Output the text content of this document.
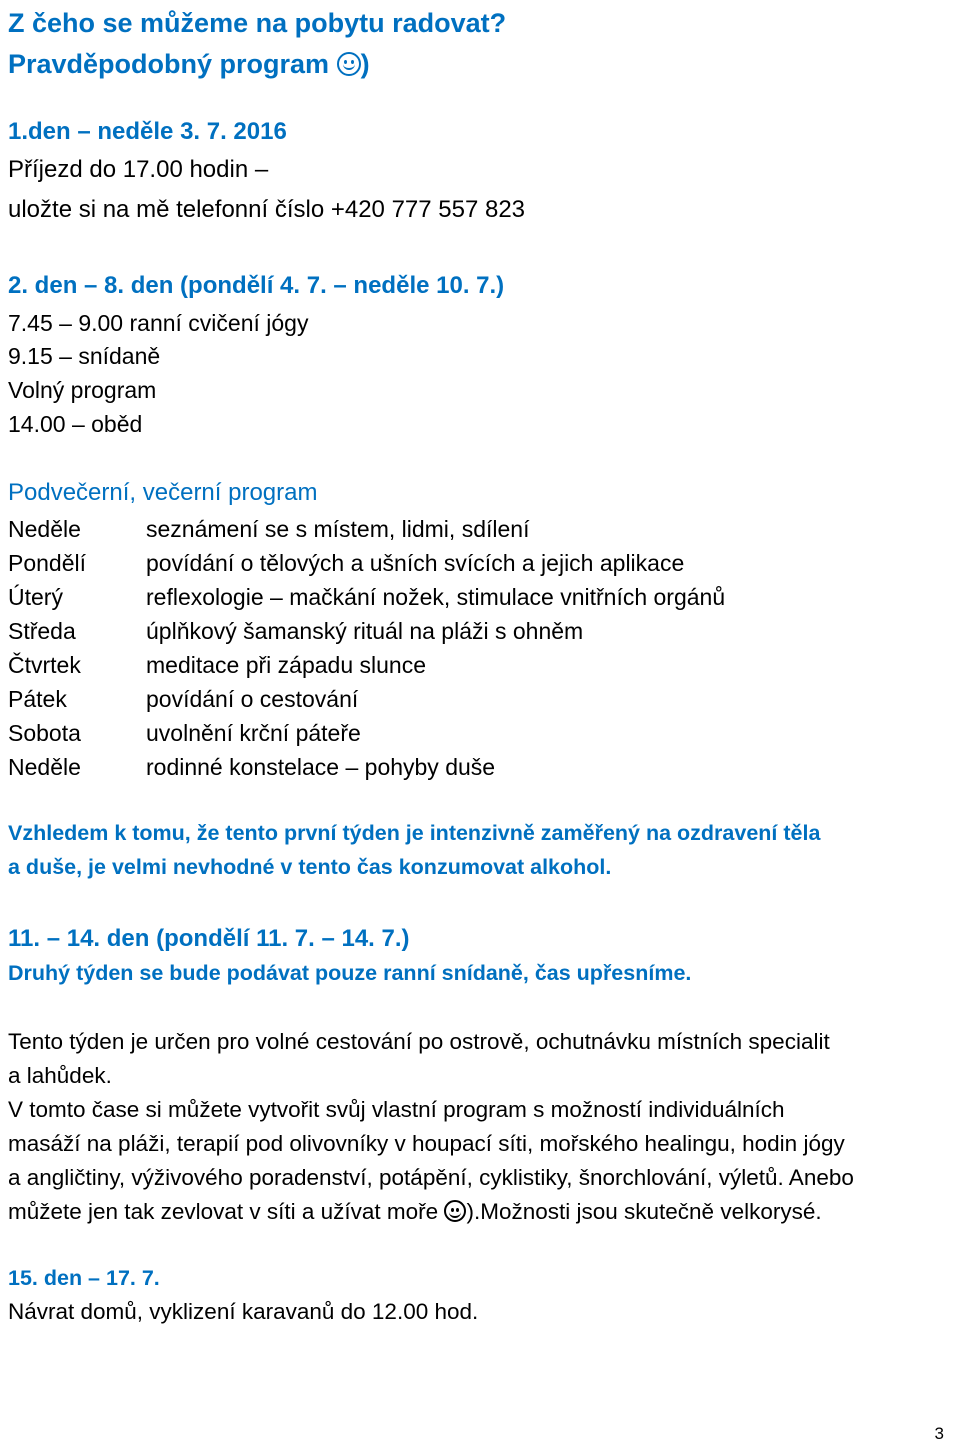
Z čeho se můžeme na pobytu radovat?
Pravděpodobný program )
1.den – neděle 3. 7. 2016
Příjezd do 17.00 hodin –
uložte si na mě telefonní číslo +420 777 557 823
2. den – 8. den (pondělí 4. 7. – neděle 10. 7.)
7.45 – 9.00 ranní cvičení jógy
9.15 – snídaně
Volný program
14.00 – oběd
Podvečerní, večerní program
Neděle	seznámení se s místem, lidmi, sdílení
Pondělí	povídání o tělových a ušních svících a jejich aplikace
Úterý	reflexologie – mačkání nožek, stimulace vnitřních orgánů
Středa	úplňkový šamanský rituál na pláži s ohněm
Čtvrtek	meditace při západu slunce
Pátek	povídání o cestování
Sobota	uvolnění krční páteře
Neděle	rodinné konstelace – pohyby duše
Vzhledem k tomu, že tento první týden je intenzivně zaměřený na ozdravení těla
a duše, je velmi nevhodné v tento čas konzumovat alkohol.
11. – 14. den (pondělí 11. 7. – 14. 7.)
Druhý týden se bude podávat pouze ranní snídaně, čas upřesníme.
Tento týden je určen pro volné cestování po ostrově, ochutnávku místních specialit
a lahůdek.
V tomto čase si můžete vytvořit svůj vlastní program s možností individuálních
masáží na pláži, terapií pod olivovníky v houpací síti, mořského healingu, hodin jógy
a angličtiny, výživového poradenství, potápění, cyklistiky, šnorchlování, výletů. Anebo
můžete jen tak zevlovat v síti a užívat moře ).Možnosti jsou skutečně velkorysé.
15. den – 17. 7.
Návrat domů, vyklizení karavanů do 12.00 hod.
3
